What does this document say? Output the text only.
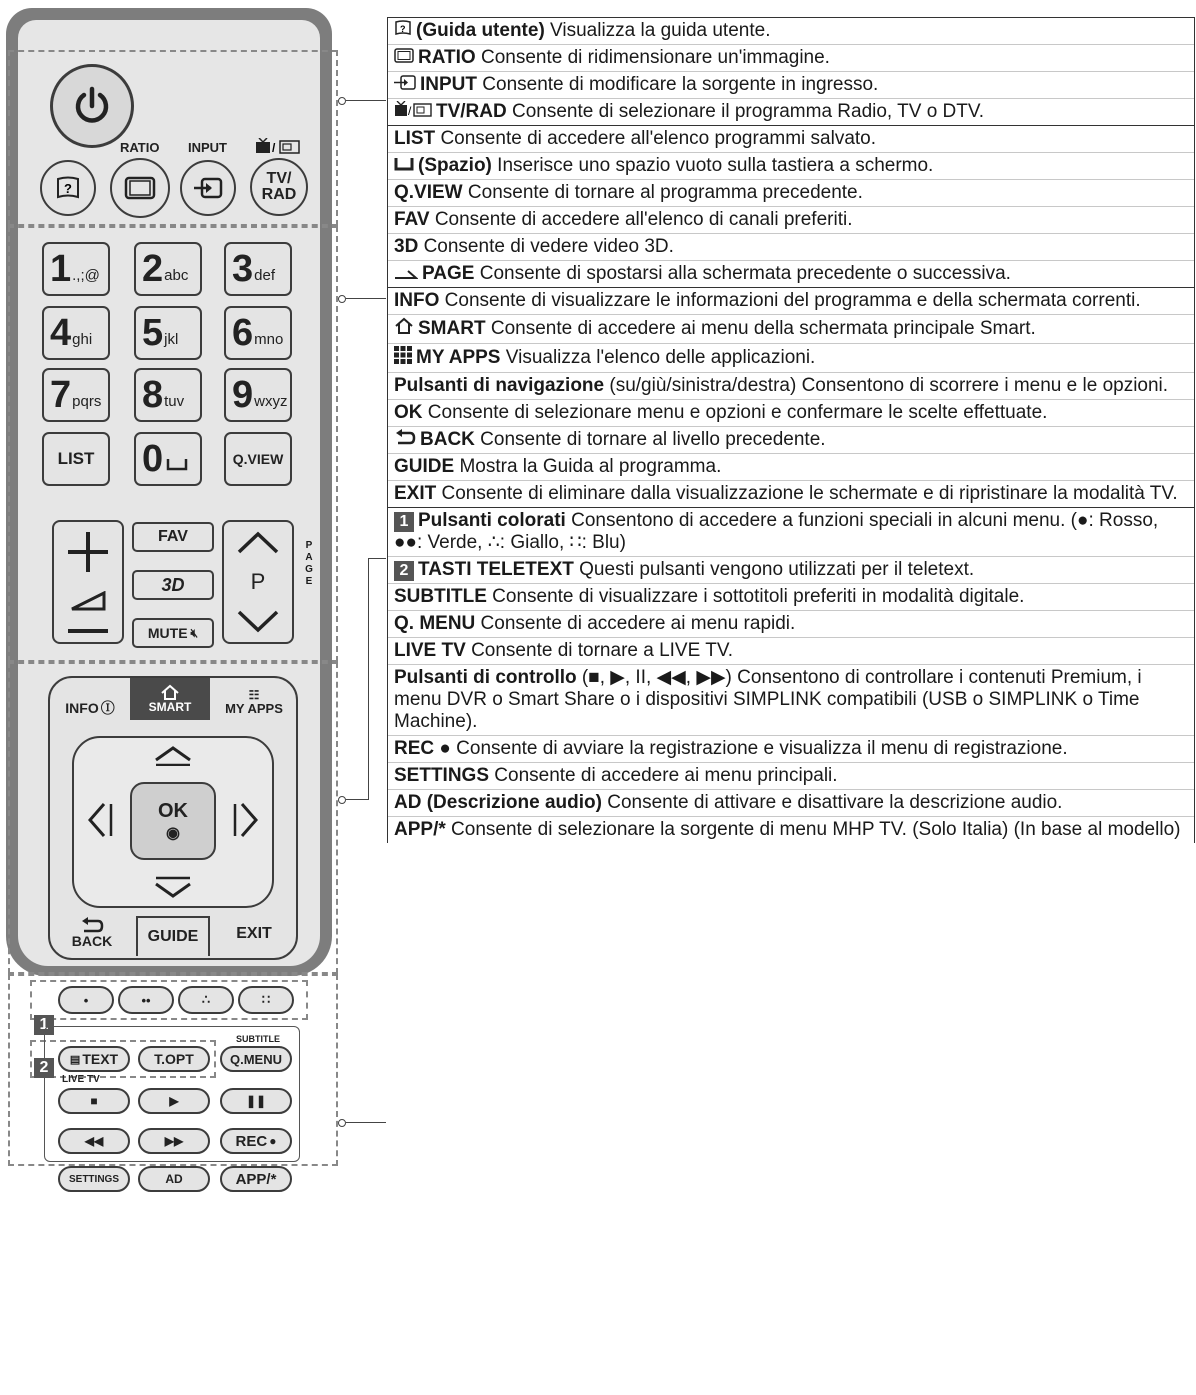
RATIO INPUT	/
?
TV/ RAD
1 .,;@ 2 abc 3 def
4 ghi 5 jkl 6 mno
7 pqrs 8 tuv 9 wxyz
LIST 0	Q.VIEW
FAV
3D
MUTE 🔇︎
P
PAGE
INFO Ⓘ	SMART
☷
MY APPS
OK
◉
BACK GUIDE EXIT
1
•	••	∴	∷
SUBTITLE
2 ▤ TEXT	T.OPT	Q.MENU
LIVE TV
■	▶	❚❚
◀◀	▶▶	REC ●
SETTINGS	AD	APP/*
? (Guida utente) Visualizza la guida utente.
RATIO Consente di ridimensionare un'immagine.
INPUT Consente di modificare la sorgente in ingresso.
/ TV/RAD Consente di selezionare il programma Radio, TV o DTV.
LIST Consente di accedere all'elenco programmi salvato.
(Spazio) Inserisce uno spazio vuoto sulla tastiera a schermo.
Q.VIEW Consente di tornare al programma precedente.
FAV Consente di accedere all'elenco di canali preferiti.
3D Consente di vedere video 3D.
PAGE Consente di spostarsi alla schermata precedente o successiva.
INFO Consente di visualizzare le informazioni del programma e della schermata correnti.
SMART Consente di accedere ai menu della schermata principale Smart.
MY APPS Visualizza l'elenco delle applicazioni.
Pulsanti di navigazione (su/giù/sinistra/destra) Consentono di scorrere i menu e le opzioni.
OK Consente di selezionare menu e opzioni e confermare le scelte effettuate.
BACK Consente di tornare al livello precedente.
GUIDE Mostra la Guida al programma.
EXIT Consente di eliminare dalla visualizzazione le schermate e di ripristinare la modalità TV.
1 Pulsanti colorati Consentono di accedere a funzioni speciali in alcuni menu. (●: Rosso, ●●: Verde, ∴: Giallo, ∷: Blu)
2 TASTI TELETEXT Questi pulsanti vengono utilizzati per il teletext.
SUBTITLE Consente di visualizzare i sottotitoli preferiti in modalità digitale.
Q. MENU Consente di accedere ai menu rapidi.
LIVE TV Consente di tornare a LIVE TV.
Pulsanti di controllo (■, ▶, II, ◀◀, ▶▶) Consentono di controllare i contenuti Premium, i menu DVR o Smart Share o i dispositivi SIMPLINK compatibili (USB o SIMPLINK o Time Machine).
REC ● Consente di avviare la registrazione e visualizza il menu di registrazione.
SETTINGS Consente di accedere ai menu principali.
AD (Descrizione audio) Consente di attivare e disattivare la descrizione audio.
APP/* Consente di selezionare la sorgente di menu MHP TV. (Solo Italia) (In base al modello)
